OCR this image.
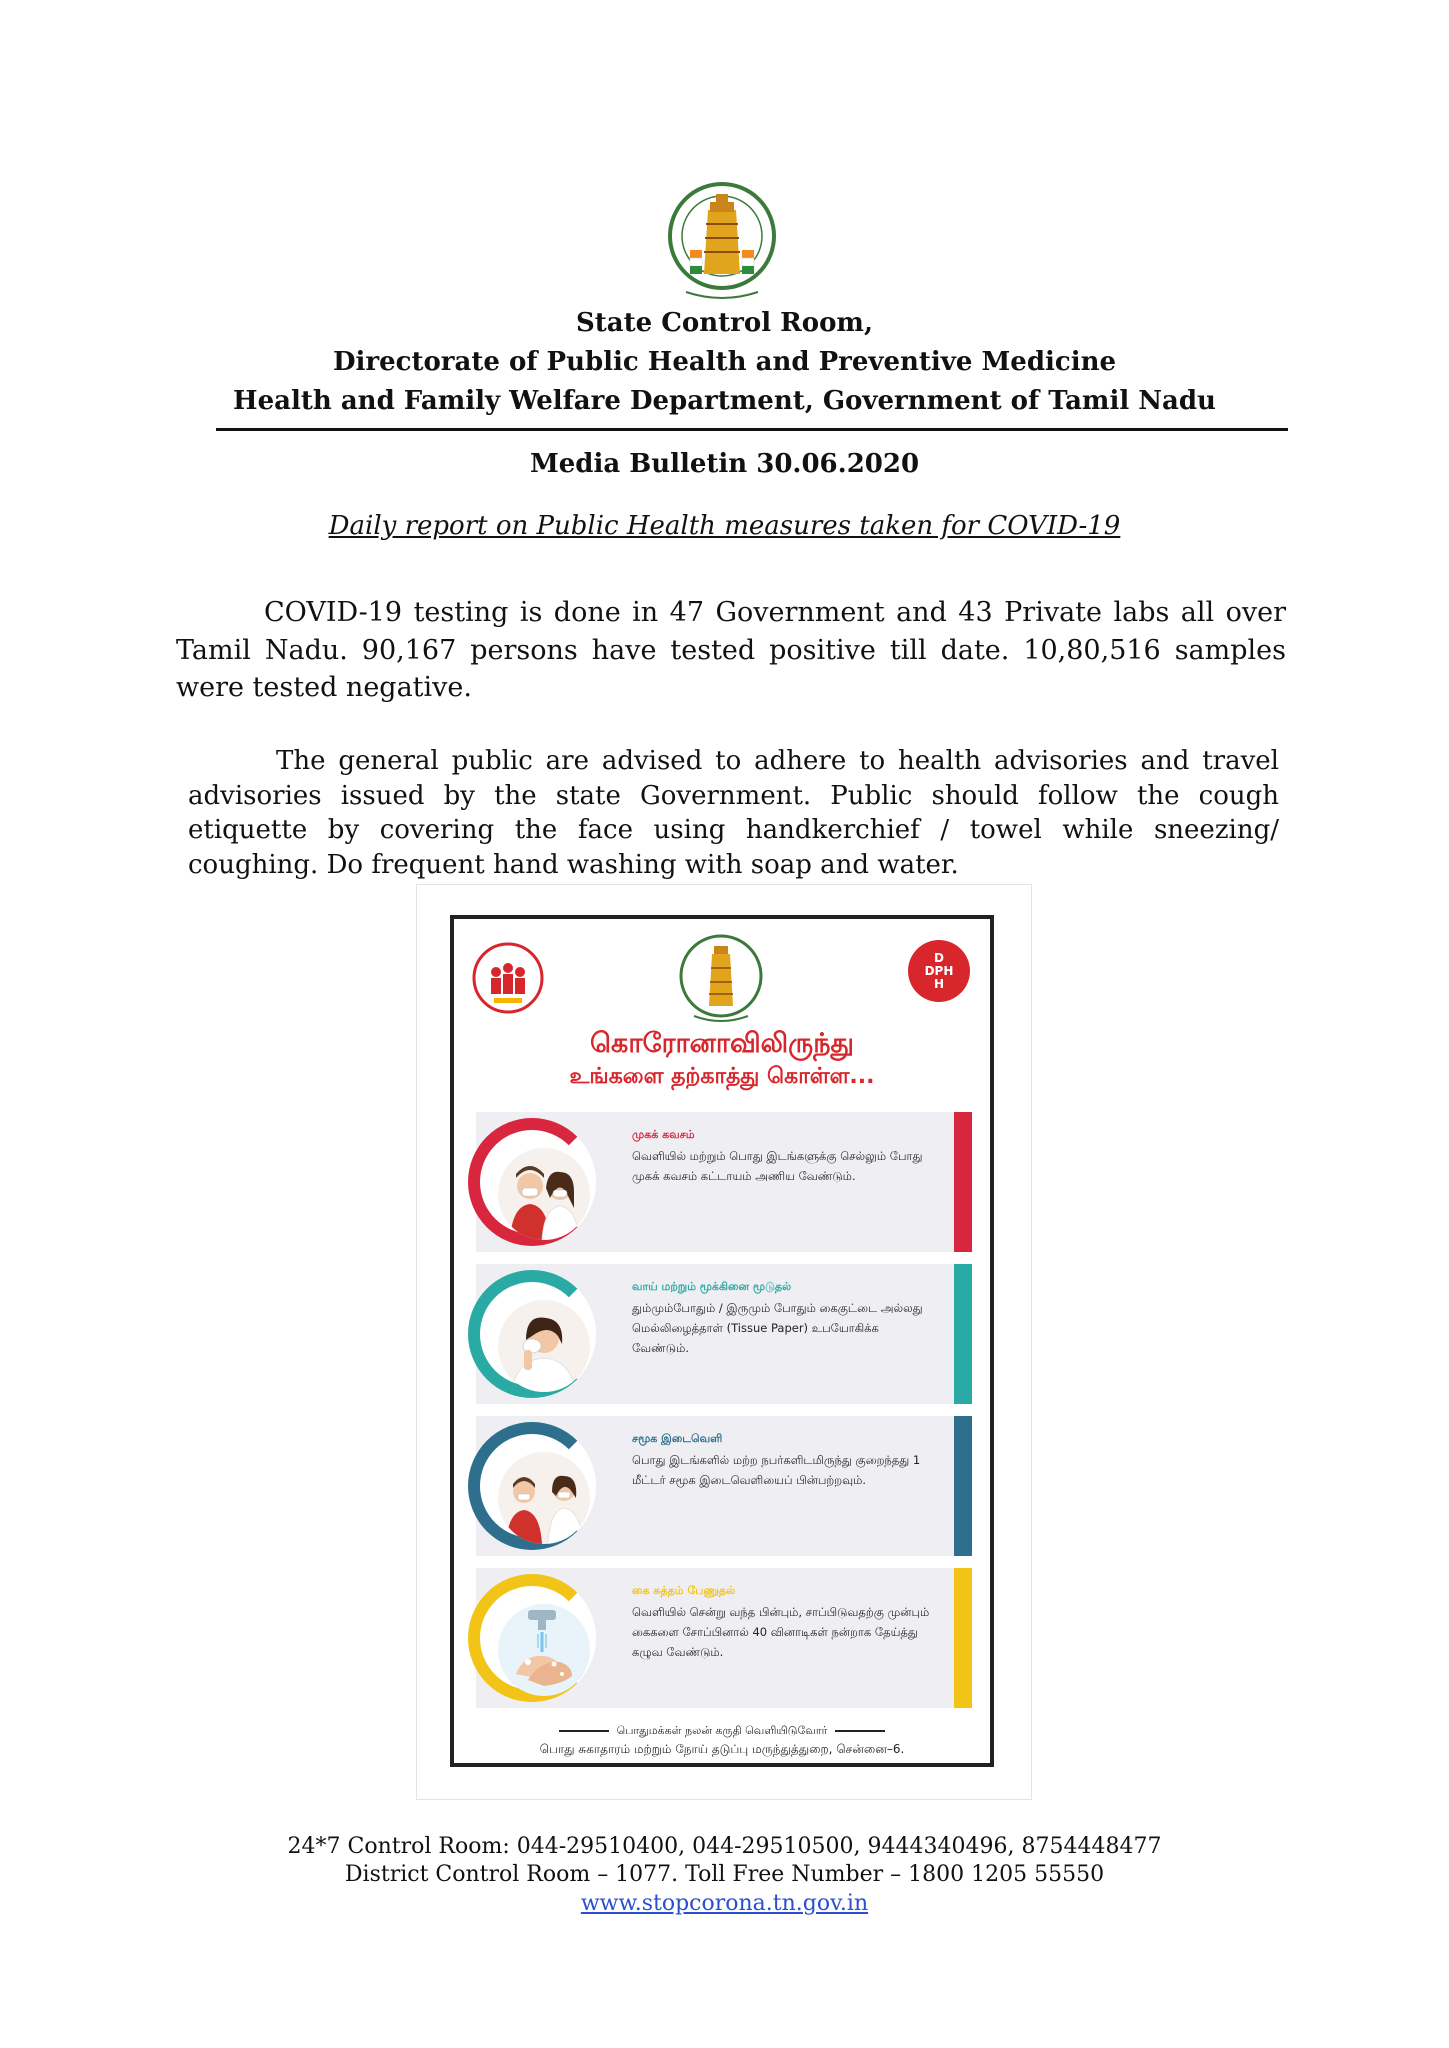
State Control Room,
Directorate of Public Health and Preventive Medicine
Health and Family Welfare Department, Government of Tamil Nadu
Media Bulletin 30.06.2020
Daily report on Public Health measures taken for COVID-19
COVID-19 testing is done in 47 Government and 43 Private labs all over Tamil Nadu. 90,167 persons have tested positive till date. 10,80,516 samples were tested negative.
The general public are advised to adhere to health advisories and travel advisories issued by the state Government. Public should follow the cough etiquette by covering the face using handkerchief / towel while sneezing/ coughing. Do frequent hand washing with soap and water.
D
DPH
H
கொரோனாவிலிருந்து
உங்களை தற்காத்து கொள்ள...
முகக் கவசம்
வெளியில் மற்றும் பொது இடங்களுக்கு செல்லும் போது முகக் கவசம் கட்டாயம் அணிய வேண்டும்.
வாய் மற்றும் மூக்கினை மூடுதல்
தும்மும்போதும் / இருமும் போதும் கைகுட்டை அல்லது மெல்லிழைத்தாள் (Tissue Paper) உபயோகிக்க வேண்டும்.
சமூக இடைவெளி
பொது இடங்களில் மற்ற நபர்களிடமிருந்து குறைந்தது 1 மீட்டர் சமூக இடைவெளியைப் பின்பற்றவும்.
கை சுத்தம் பேணுதல்
வெளியில் சென்று வந்த பின்பும், சாப்பிடுவதற்கு முன்பும் கைகளை சோப்பினால் 40 வினாடிகள் நன்றாக தேய்த்து கழுவ வேண்டும்.
பொதுமக்கள் நலன் கருதி வெளியிடுவோர்
பொது சுகாதாரம் மற்றும் நோய் தடுப்பு மருந்துத்துறை, சென்னை–6.
24*7 Control Room: 044-29510400, 044-29510500, 9444340496, 8754448477
District Control Room – 1077. Toll Free Number – 1800 1205 55550
www.stopcorona.tn.gov.in
